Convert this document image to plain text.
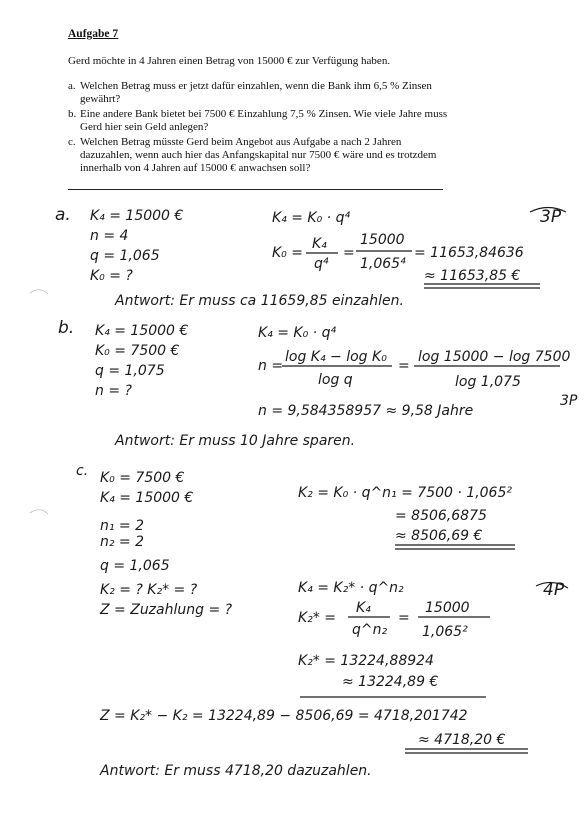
Aufgabe 7
Gerd möchte in 4 Jahren einen Betrag von 15000 € zur Verfügung haben.
a. Welchen Betrag muss er jetzt dafür einzahlen, wenn die Bank ihm 6,5 % Zinsen gewährt?
b. Eine andere Bank bietet bei 7500 € Einzahlung 7,5 % Zinsen. Wie viele Jahre muss Gerd hier sein Geld anlegen?
c. Welchen Betrag müsste Gerd beim Angebot aus Aufgabe a nach 2 Jahren dazuzahlen, wenn auch hier das Anfangskapital nur 7500 € wäre und es trotzdem innerhalb von 4 Jahren auf 15000 € anwachsen soll?
a. K₄ = 15000 €
n = 4
q = 1,065
K₀ = ?
K₄ = K₀ · q⁴
K₀ =
K₄
q⁴
=
15000
1,065⁴
= 11653,84636
≈ 11653,85 €
3P
Antwort: Er muss ca 11659,85 einzahlen.
b. K₄ = 15000 €
K₀ = 7500 €
q = 1,075
n = ?
K₄ = K₀ · q⁴
n =
log K₄ − log K₀
log q
=
log 15000 − log 7500
log 1,075
n = 9,584358957 ≈ 9,58 Jahre
3P
Antwort: Er muss 10 Jahre sparen.
c. K₀ = 7500 €
K₄ = 15000 €
n₁ = 2
n₂ = 2
q = 1,065
K₂ = ? K₂* = ?
Z = Zuzahlung = ?
K₂ = K₀ · q^n₁ = 7500 · 1,065²
= 8506,6875
≈ 8506,69 €
K₄ = K₂* · q^n₂
K₂* =
K₄
q^n₂
=
15000
1,065²
4P
K₂* = 13224,88924
≈ 13224,89 €
Z = K₂* − K₂ = 13224,89 − 8506,69 = 4718,201742
≈ 4718,20 €
Antwort: Er muss 4718,20 dazuzahlen.
